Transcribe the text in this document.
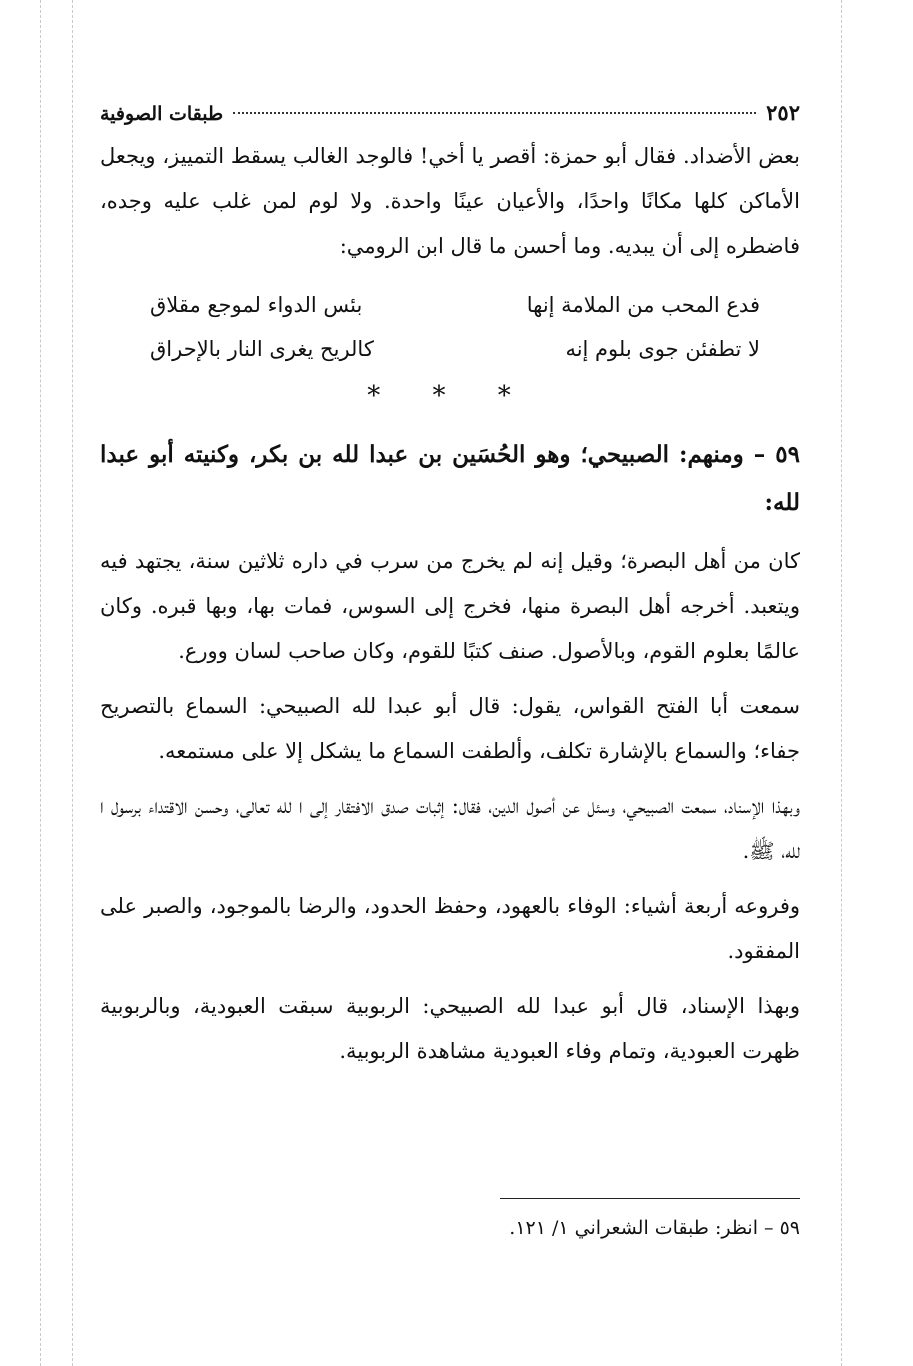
٢٥٢
طبقات الصوفية

بعض الأضداد. فقال أبو حمزة: أقصر يا أخي! فالوجد الغالب يسقط التمييز، ويجعل الأماكن كلها مكانًا واحدًا، والأعيان عينًا واحدة. ولا لوم لمن غلب عليه وجده، فاضطره إلى أن يبديه. وما أحسن ما قال ابن الرومي:

فدع المحب من الملامة إنها
بئس الدواء لموجع مقلاق
لا تطفئن جوى بلوم إنه
كالريح يغرى النار بالإحراق
* * *

٥٩ – ومنهم: الصبيحي؛ وهو الحُسَين بن عبدا لله بن بكر، وكنيته أبو عبدا لله:

كان من أهل البصرة؛ وقيل إنه لم يخرج من سرب في داره ثلاثين سنة، يجتهد فيه ويتعبد. أخرجه أهل البصرة منها، فخرج إلى السوس، فمات بها، وبها قبره. وكان عالمًا بعلوم القوم، وبالأصول. صنف كتبًا للقوم، وكان صاحب لسان وورع.

سمعت أبا الفتح القواس، يقول: قال أبو عبدا لله الصبيحي: السماع بالتصريح جفاء؛ والسماع بالإشارة تكلف، وألطفت السماع ما يشكل إلا على مستمعه.

وبهذا الإسناد، سمعت الصبيحي، وسئل عن أصول الدين، فقال: إثبات صدق الافتقار إلى ا لله تعالى، وحسن الاقتداء برسول ا لله، ﷺ.

وفروعه أربعة أشياء: الوفاء بالعهود، وحفظ الحدود، والرضا بالموجود، والصبر على المفقود.

وبهذا الإسناد، قال أبو عبدا لله الصبيحي: الربوبية سبقت العبودية، وبالربوبية ظهرت العبودية، وتمام وفاء العبودية مشاهدة الربوبية.

٥٩ – انظر: طبقات الشعراني ١/ ١٢١.
